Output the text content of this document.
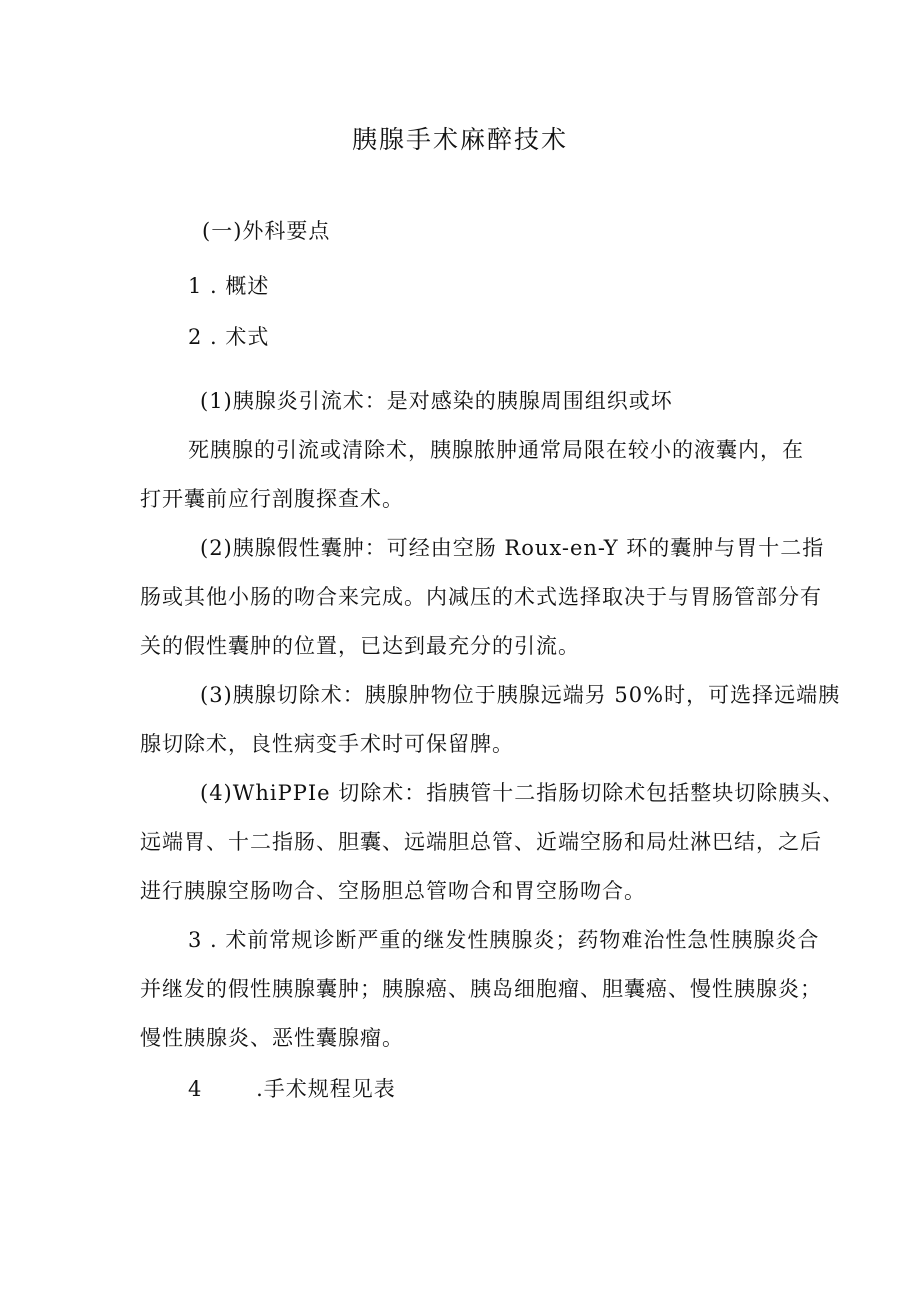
胰腺手术麻醉技术

(一)外科要点

1 . 概述

2 . 术式

(1)胰腺炎引流术：是对感染的胰腺周围组织或坏

死胰腺的引流或清除术，胰腺脓肿通常局限在较小的液囊内，在

打开囊前应行剖腹探查术。

(2)胰腺假性囊肿：可经由空肠 Roux-en-Y 环的囊肿与胃十二指

肠或其他小肠的吻合来完成。内减压的术式选择取决于与胃肠管部分有

关的假性囊肿的位置，已达到最充分的引流。

(3)胰腺切除术：胰腺肿物位于胰腺远端另 50%时，可选择远端胰

腺切除术，良性病变手术时可保留脾。

(4)WhiPPIe 切除术：指胰管十二指肠切除术包括整块切除胰头、

远端胃、十二指肠、胆囊、远端胆总管、近端空肠和局灶淋巴结，之后

进行胰腺空肠吻合、空肠胆总管吻合和胃空肠吻合。

3 . 术前常规诊断严重的继发性胰腺炎；药物难治性急性胰腺炎合

并继发的假性胰腺囊肿；胰腺癌、胰岛细胞瘤、胆囊癌、慢性胰腺炎；

慢性胰腺炎、恶性囊腺瘤。

4       .手术规程见表
